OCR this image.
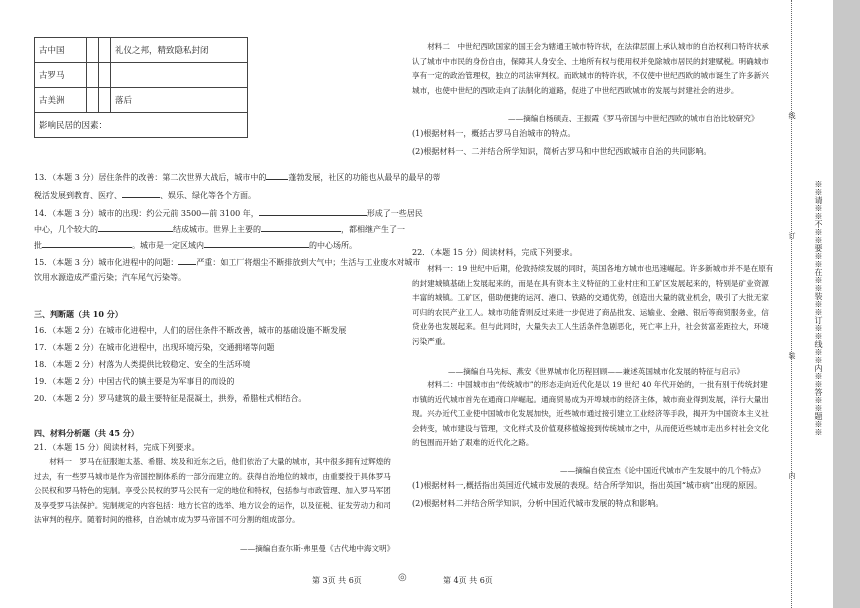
古中国			礼仪之邦，精致隐私封闭
古罗马			
古美洲			落后
影响民居的因素：			
13．（本题 3 分）居住条件的改善：第二次世界大战后，城市中的	蓬勃发展，社区的功能也从最早的最早的蒂
税活发展到教育、医疗、	、娱乐、绿化等各个方面。
14．（本题 3 分）城市的出现：约公元前 3500—前 3100 年，	形成了一些居民
中心，几个较大的	结成城市。世界上主要的	，都相继产生了一
批	。城市是一定区域内	的中心场所。
15．（本题 3 分）城市化进程中的问题： 严重：如工厂将烟尘不断排放到大气中；生活与工业废水对城市
饮用水源造成严重污染；汽车尾气污染等。
三、判断题（共 10 分）
16．（本题 2 分）在城市化进程中，人们的居住条件不断改善，城市的基础设施不断发展
17．（本题 2 分）在城市化进程中，出现环境污染，交通拥堵等问题
18．（本题 2 分）村落为人类提供比较稳定、安全的生活环境
19．（本题 2 分）中国古代的镇主要是为军事目的而设的
20．（本题 2 分）罗马建筑的最主要特征是混凝土，拱券，希腊柱式相结合。
四、材料分析题（共 45 分）
21．（本题 15 分）阅读材料，完成下列要求。

材料一　罗马在征服迦太基、希腊、埃及和近东之后，他们依治了大量的城市，其中很多拥有过辉煌的过去，有一些罗马城市是作为帝国控制体系的一部分而建立的。获得自治地位的城市，由重要投于具体罗马公民权和罗马特色的宪制。享受公民权的罗马公民有一定的地位和特权，包括参与市政管理、加入罗马军团及享受罗马法保护。宪制规定的内容包括：地方长官的选举、地方议会的运作，以及征税、征发劳动力和司法审判的程序。随着时间的推移，自治城市成为罗马帝国不可分割的组成部分。

——摘编自查尔斯·弗里曼《古代地中海文明》
第 3页 共 6页	◎

材料二　中世纪西欧国家的国王会为辖通王城市特许状，在法律层面上承认城市的自治权利口特许状承认了城市中市民的身份自由，保障其人身安全、土地所有权与使用权并免除城市居民的封建赋税。明确城市享有一定的政治管理权，独立的司法审判权。而欧城市的特许状，不仅使中世纪西欧的城市诞生了许多新兴城市，也使中世纪的西欧走向了法制化的道路，促进了中世纪西欧城市的发展与封建社会的进步。

——摘编自杨硕垚、王振霞《罗马帝国与中世纪西欧的城市自治比较研究》
(1)根据材料一，概括古罗马自治城市的特点。
(2)根据材料一、二并结合所学知识，简析古罗马和中世纪西欧城市自治的共同影响。
22．（本题 15 分）阅读材料，完成下列要求。

材料一：19 世纪中后期，伦敦持续发展的同时，英国各地方城市也迅速崛起。许多新城市并不是在原有的封建城镇基础上发展起来的，而是在具有资本主义特征的工业村庄和工矿区发展起来的，特别是矿业资源丰富的城镇。工矿区，借助便捷的运河、港口、铁路的交通优势，创造出大量的就业机会，吸引了大批无家可归的农民产业工人。城市功能背则反过来进一步促进了商品批发、运输业、金融、银后等商贸服务业，信贷业务也发展起来。但与此同时，大量失去工人生活条件急剧恶化，死亡率上升，社会贫富差距拉大，环境污染严重。

——摘编自马先标、燕安《世界城市化历程回顾——兼述英国城市化发展的特征与启示》

材料二：中国城市由“传统城市”的形态走向近代化是以 19 世纪 40 年代开始的，一批有别于传统封建市镇的近代城市首先在通商口岸崛起。通商贸易成为开埠城市的经济主体，城市商业得到发展，洋行大量出现。兴办近代工业使中国城市化发展加快，近些城市通过接引建立工业经济等手段，揭开为中国资本主义社会转变，城市建设与管理，文化样式及价值观移植嫁接到传统城市之中，从而使近些城市走出乡村社会文化的包围而开始了艰难的近代化之路。

——摘编自侯宜杰《论中国近代城市产生发展中的几个特点》
(1)根据材料一,概括指出英国近代城市发展的表现。结合所学知识，指出英国“城市病”出现的原因。
(2)根据材料二并结合所学知识，分析中国近代城市发展的特点和影响。
第 4页 共 6页
线
订
装
内
※※请※※不※※要※※在※※装※※订※※线※※内※※答※※题※※
